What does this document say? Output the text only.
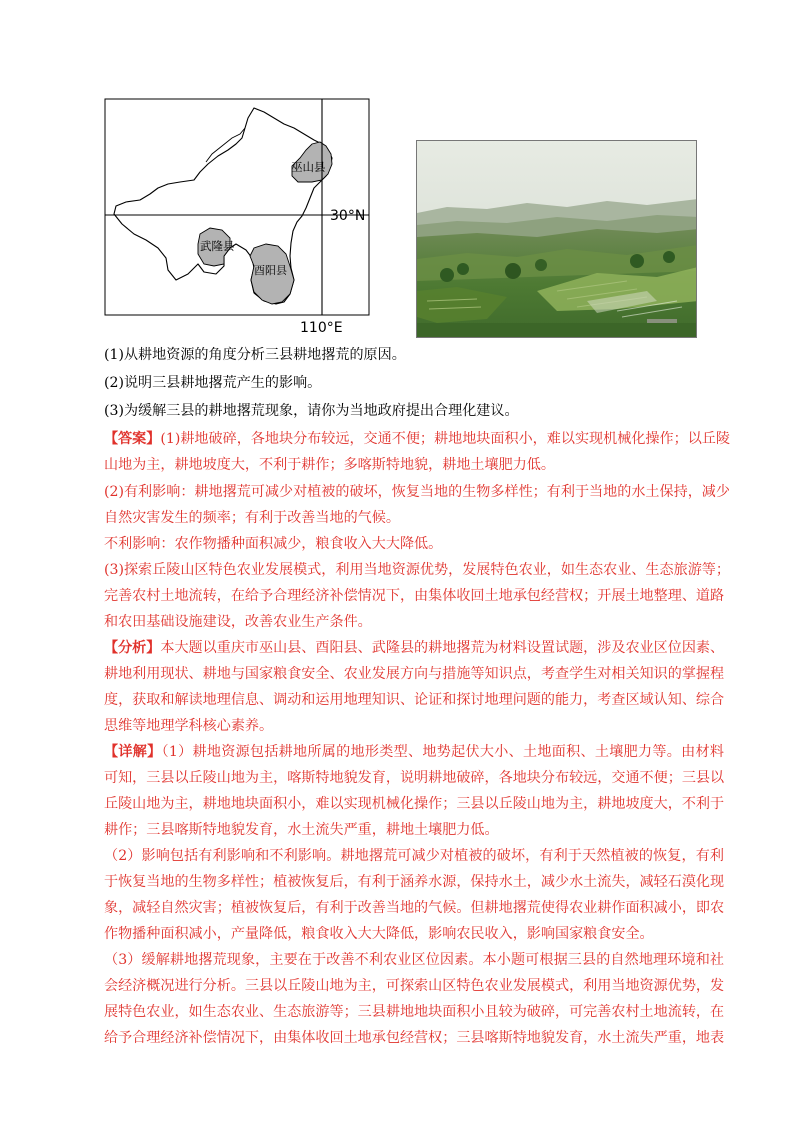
巫山县
武隆县
酉阳县
30°N
110°E
(1)从耕地资源的角度分析三县耕地撂荒的原因。
(2)说明三县耕地撂荒产生的影响。
(3)为缓解三县的耕地撂荒现象，请你为当地政府提出合理化建议。
【答案】(1)耕地破碎，各地块分布较远，交通不便；耕地地块面积小，难以实现机械化操作；以丘陵
山地为主，耕地坡度大，不利于耕作；多喀斯特地貌，耕地土壤肥力低。
(2)有利影响：耕地撂荒可减少对植被的破坏，恢复当地的生物多样性；有利于当地的水土保持，减少
自然灾害发生的频率；有利于改善当地的气候。
不利影响：农作物播种面积减少，粮食收入大大降低。
(3)探索丘陵山区特色农业发展模式，利用当地资源优势，发展特色农业，如生态农业、生态旅游等；
完善农村土地流转，在给予合理经济补偿情况下，由集体收回土地承包经营权；开展土地整理、道路
和农田基础设施建设，改善农业生产条件。
【分析】本大题以重庆市巫山县、酉阳县、武隆县的耕地撂荒为材料设置试题，涉及农业区位因素、
耕地利用现状、耕地与国家粮食安全、农业发展方向与措施等知识点，考查学生对相关知识的掌握程
度，获取和解读地理信息、调动和运用地理知识、论证和探讨地理问题的能力，考查区域认知、综合
思维等地理学科核心素养。
【详解】（1）耕地资源包括耕地所属的地形类型、地势起伏大小、土地面积、土壤肥力等。由材料
可知，三县以丘陵山地为主，喀斯特地貌发育，说明耕地破碎，各地块分布较远，交通不便；三县以
丘陵山地为主，耕地地块面积小，难以实现机械化操作；三县以丘陵山地为主，耕地坡度大，不利于
耕作；三县喀斯特地貌发育，水土流失严重，耕地土壤肥力低。
（2）影响包括有利影响和不利影响。耕地撂荒可减少对植被的破坏，有利于天然植被的恢复，有利
于恢复当地的生物多样性；植被恢复后，有利于涵养水源，保持水土，减少水土流失，减轻石漠化现
象，减轻自然灾害；植被恢复后，有利于改善当地的气候。但耕地撂荒使得农业耕作面积减小，即农
作物播种面积减小，产量降低，粮食收入大大降低，影响农民收入，影响国家粮食安全。
（3）缓解耕地撂荒现象，主要在于改善不利农业区位因素。本小题可根据三县的自然地理环境和社
会经济概况进行分析。三县以丘陵山地为主，可探索山区特色农业发展模式，利用当地资源优势，发
展特色农业，如生态农业、生态旅游等；三县耕地地块面积小且较为破碎，可完善农村土地流转，在
给予合理经济补偿情况下，由集体收回土地承包经营权；三县喀斯特地貌发育，水土流失严重，地表
